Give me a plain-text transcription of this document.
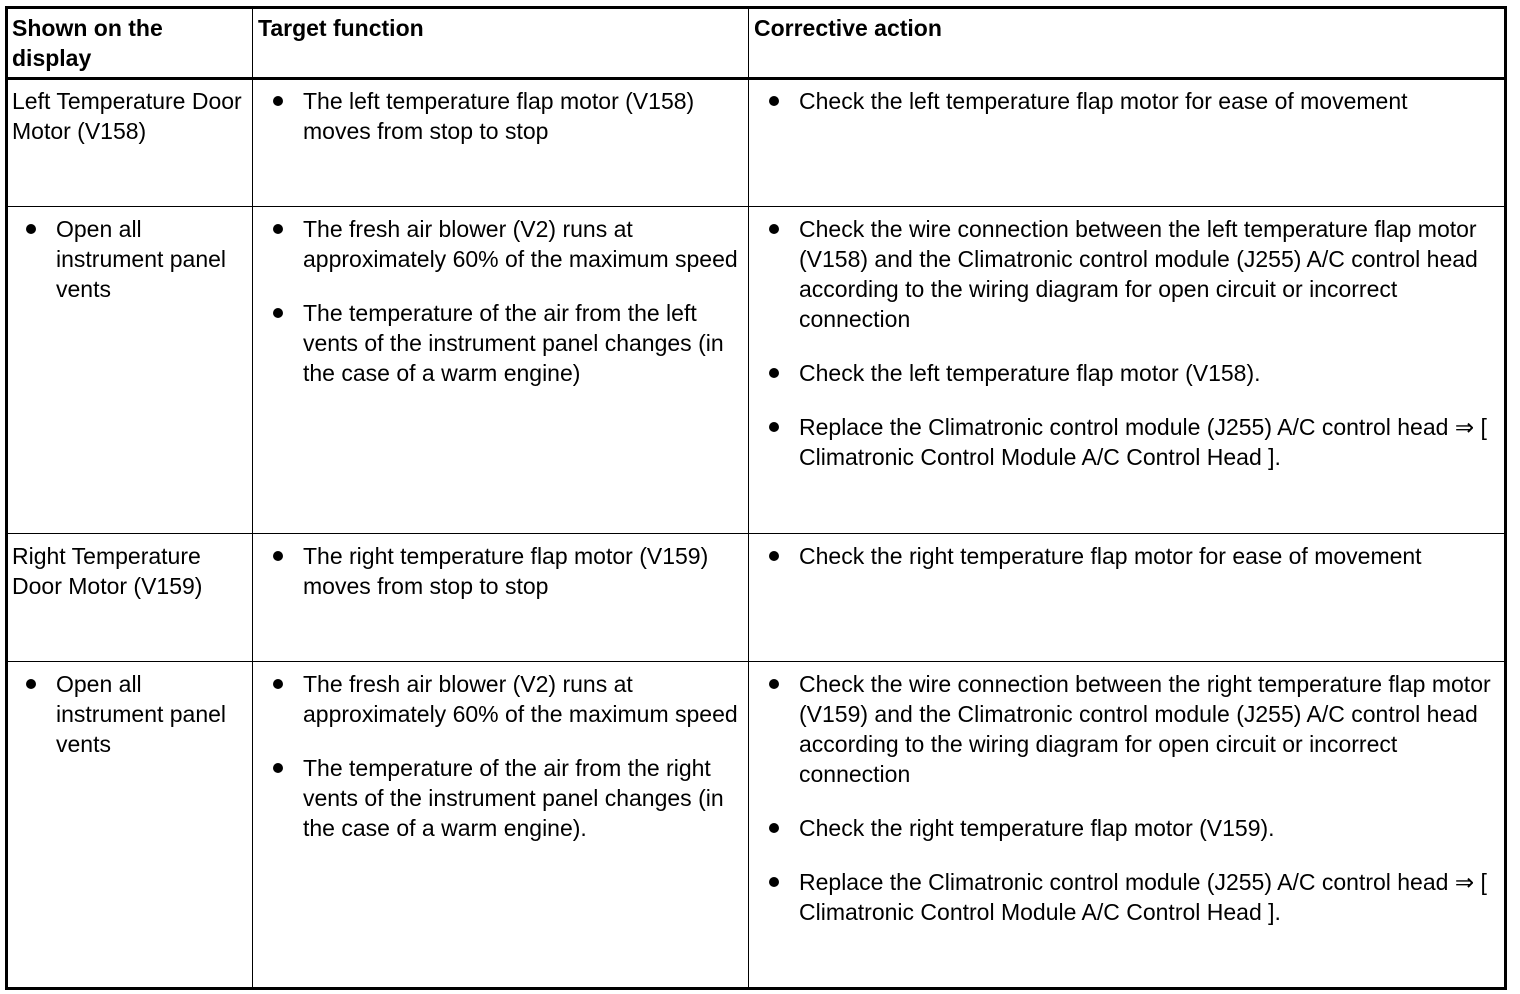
Shown on the display
Target function	Corrective action
Left Temperature Door Motor (V158)
The left temperature flap motor (V158) moves from stop to stop
Check the left temperature flap motor for ease of movement
Open all instrument panel vents
The fresh air blower (V2) runs at approximately 60% of the maximum speed
The temperature of the air from the left vents of the instrument panel changes (in the case of a warm engine)
Check the wire connection between the left temperature flap motor (V158) and the Climatronic control module (J255) A/C control head according to the wiring diagram for open circuit or incorrect connection
Check the left temperature flap motor (V158).
Replace the Climatronic control module (J255) A/C control head ⇒ [ Climatronic Control Module A/C Control Head ].
Right Temperature Door Motor (V159)
The right temperature flap motor (V159) moves from stop to stop
Check the right temperature flap motor for ease of movement
Open all instrument panel vents
The fresh air blower (V2) runs at approximately 60% of the maximum speed
The temperature of the air from the right vents of the instrument panel changes (in the case of a warm engine).
Check the wire connection between the right temperature flap motor (V159) and the Climatronic control module (J255) A/C control head according to the wiring diagram for open circuit or incorrect connection
Check the right temperature flap motor (V159).
Replace the Climatronic control module (J255) A/C control head ⇒ [ Climatronic Control Module A/C Control Head ].
